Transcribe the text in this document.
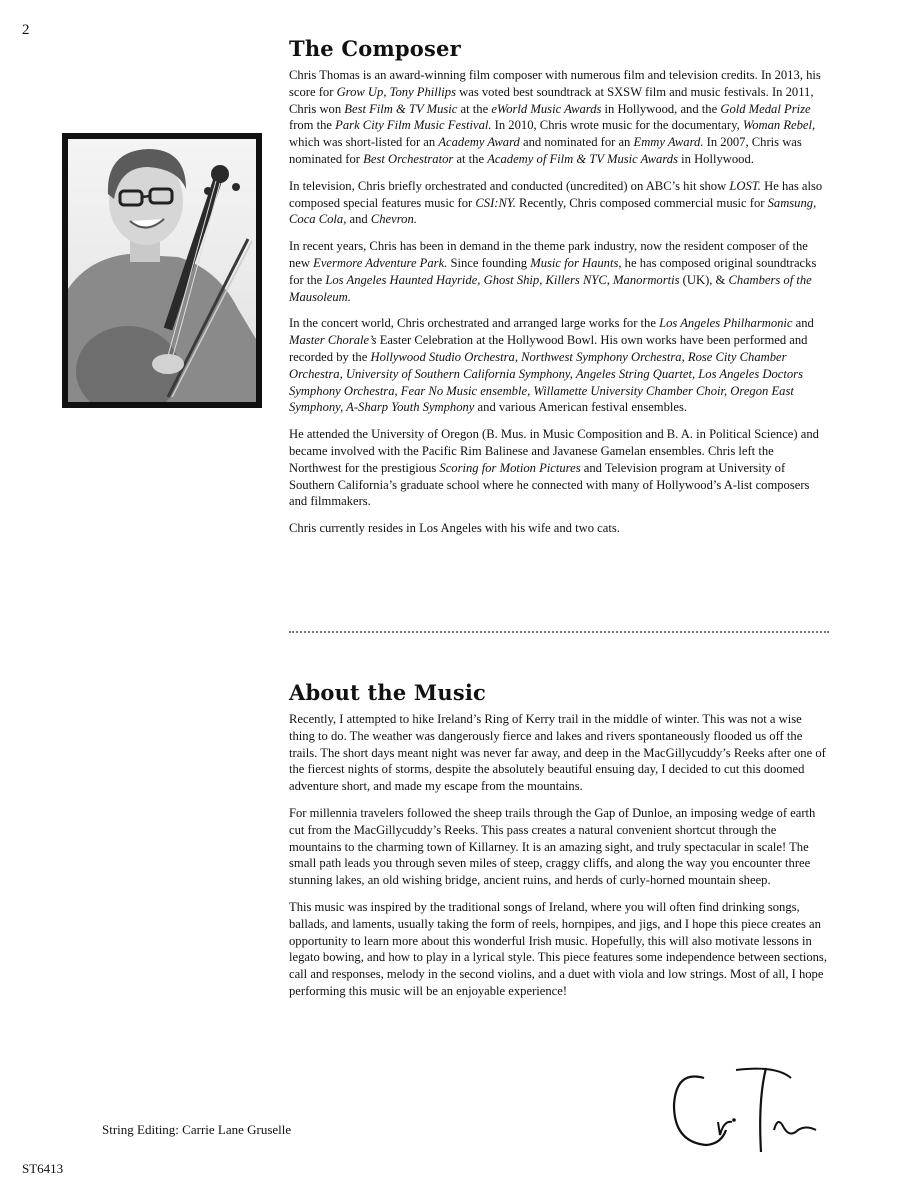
2
The Composer

Chris Thomas is an award-winning film composer with numerous film and television credits. In 2013, his score for Grow Up, Tony Phillips was voted best soundtrack at SXSW film and music festivals. In 2011, Chris won Best Film & TV Music at the eWorld Music Awards in Hollywood, and the Gold Medal Prize from the Park City Film Music Festival. In 2010, Chris wrote music for the documentary, Woman Rebel, which was short-listed for an Academy Award and nominated for an Emmy Award. In 2007, Chris was nominated for Best Orchestrator at the Academy of Film & TV Music Awards in Hollywood.

In television, Chris briefly orchestrated and conducted (uncredited) on ABC’s hit show LOST. He has also composed special features music for CSI:NY. Recently, Chris composed commercial music for Samsung, Coca Cola, and Chevron.

In recent years, Chris has been in demand in the theme park industry, now the resident composer of the new Evermore Adventure Park. Since founding Music for Haunts, he has composed original soundtracks for the Los Angeles Haunted Hayride, Ghost Ship, Killers NYC, Manormortis (UK), & Chambers of the Mausoleum.

In the concert world, Chris orchestrated and arranged large works for the Los Angeles Philharmonic and Master Chorale’s Easter Celebration at the Hollywood Bowl. His own works have been performed and recorded by the Hollywood Studio Orchestra, Northwest Symphony Orchestra, Rose City Chamber Orchestra, University of Southern California Symphony, Angeles String Quartet, Los Angeles Doctors Symphony Orchestra, Fear No Music ensemble, Willamette University Chamber Choir, Oregon East Symphony, A-Sharp Youth Symphony and various American festival ensembles.

He attended the University of Oregon (B. Mus. in Music Composition and B. A. in Political Science) and became involved with the Pacific Rim Balinese and Javanese Gamelan ensembles. Chris left the Northwest for the prestigious Scoring for Motion Pictures and Television program at University of Southern California’s graduate school where he connected with many of Hollywood’s A-list composers and filmmakers.

Chris currently resides in Los Angeles with his wife and two cats.

About the Music

Recently, I attempted to hike Ireland’s Ring of Kerry trail in the middle of winter. This was not a wise thing to do. The weather was dangerously fierce and lakes and rivers spontaneously flooded us off the trails. The short days meant night was never far away, and deep in the MacGillycuddy’s Reeks after one of the fiercest nights of storms, despite the absolutely beautiful ensuing day, I decided to cut this doomed adventure short, and made my escape from the mountains.

For millennia travelers followed the sheep trails through the Gap of Dunloe, an imposing wedge of earth cut from the MacGillycuddy’s Reeks. This pass creates a natural convenient shortcut through the mountains to the charming town of Killarney. It is an amazing sight, and truly spectacular in scale! The small path leads you through seven miles of steep, craggy cliffs, and along the way you encounter three stunning lakes, an old wishing bridge, ancient ruins, and herds of curly-horned mountain sheep.

This music was inspired by the traditional songs of Ireland, where you will often find drinking songs, ballads, and laments, usually taking the form of reels, hornpipes, and jigs, and I hope this piece creates an opportunity to learn more about this wonderful Irish music. Hopefully, this will also motivate lessons in legato bowing, and how to play in a lyrical style. This piece features some independence between sections, call and responses, melody in the second violins, and a duet with viola and low strings. Most of all, I hope performing this music will be an enjoyable experience!

String Editing: Carrie Lane Gruselle
ST6413
